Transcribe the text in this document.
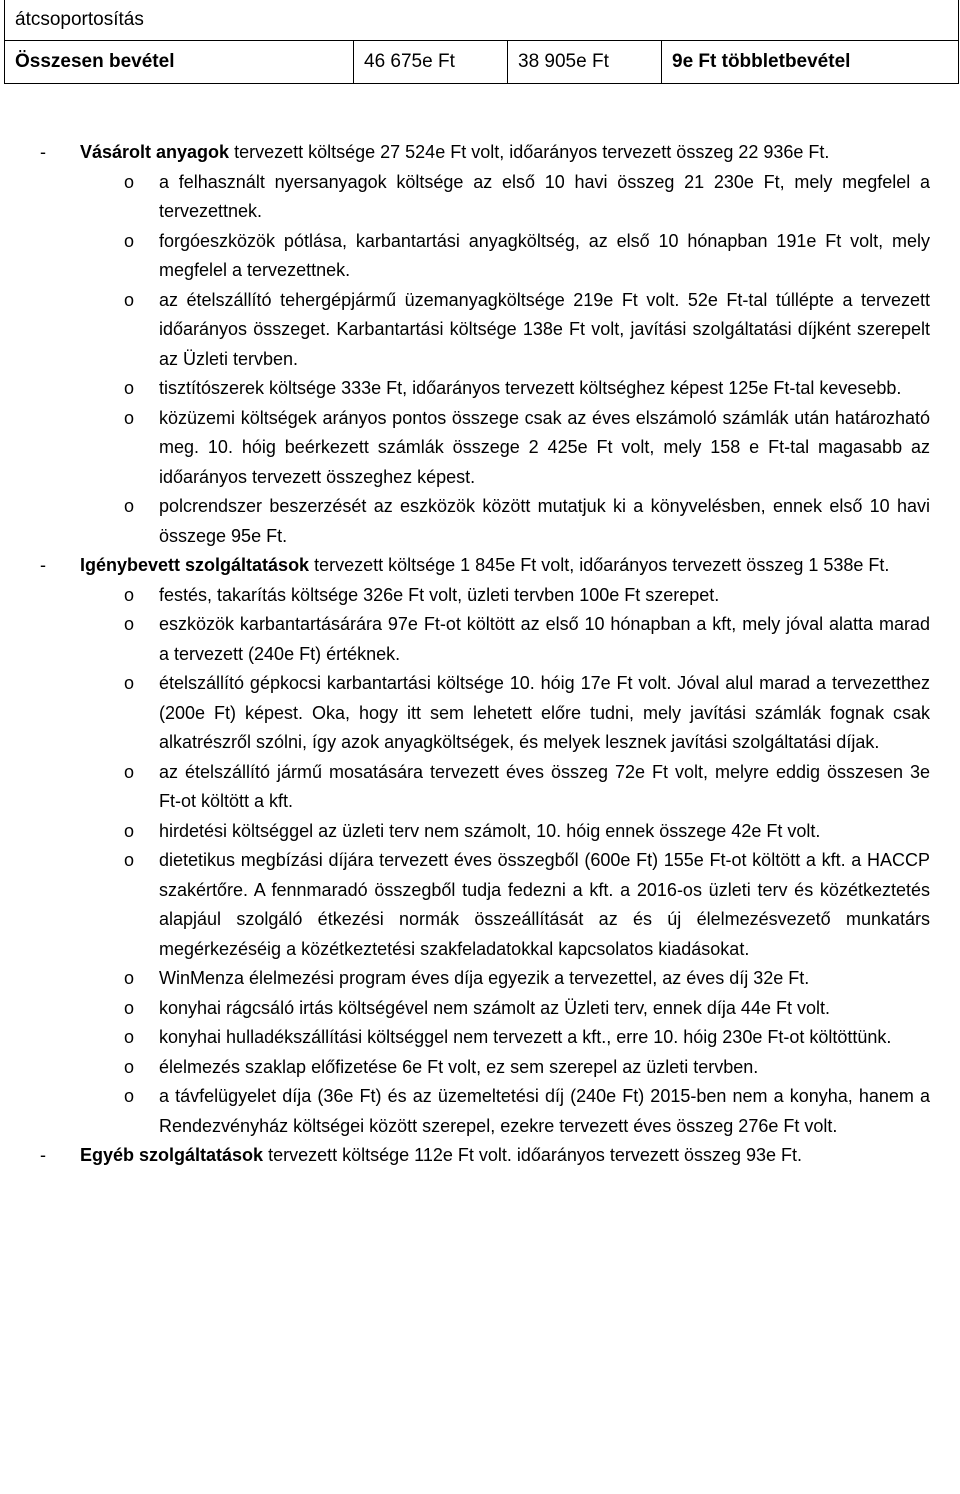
átcsoportosítás
Összesen bevétel	46 675e Ft	38 905e Ft	9e Ft többletbevétel
- Vásárolt anyagok tervezett költsége 27 524e Ft volt, időarányos tervezett összeg 22 936e Ft.
o a felhasznált nyersanyagok költsége az első 10 havi összeg 21 230e Ft, mely megfelel a tervezettnek.
o forgóeszközök pótlása, karbantartási anyagköltség, az első 10 hónapban 191e Ft volt, mely megfelel a tervezettnek.
o az ételszállító tehergépjármű üzemanyagköltsége 219e Ft volt. 52e Ft-tal túllépte a tervezett időarányos összeget. Karbantartási költsége 138e Ft volt, javítási szolgáltatási díjként szerepelt az Üzleti tervben.
o tisztítószerek költsége 333e Ft, időarányos tervezett költséghez képest 125e Ft-tal kevesebb.
o közüzemi költségek arányos pontos összege csak az éves elszámoló számlák után határozható meg. 10. hóig beérkezett számlák összege 2 425e Ft volt, mely 158 e Ft-tal magasabb az időarányos tervezett összeghez képest.
o polcrendszer beszerzését az eszközök között mutatjuk ki a könyvelésben, ennek első 10 havi összege 95e Ft.
- Igénybevett szolgáltatások tervezett költsége 1 845e Ft volt, időarányos tervezett összeg 1 538e Ft.
o festés, takarítás költsége 326e Ft volt, üzleti tervben 100e Ft szerepet.
o eszközök karbantartásárára 97e Ft-ot költött az első 10 hónapban a kft, mely jóval alatta marad a tervezett (240e Ft) értéknek.
o ételszállító gépkocsi karbantartási költsége 10. hóig 17e Ft volt. Jóval alul marad a tervezetthez (200e Ft) képest. Oka, hogy itt sem lehetett előre tudni, mely javítási számlák fognak csak alkatrészről szólni, így azok anyagköltségek, és melyek lesznek javítási szolgáltatási díjak.
o az ételszállító jármű mosatására tervezett éves összeg 72e Ft volt, melyre eddig összesen 3e Ft-ot költött a kft.
o hirdetési költséggel az üzleti terv nem számolt, 10. hóig ennek összege 42e Ft volt.
o dietetikus megbízási díjára tervezett éves összegből (600e Ft) 155e Ft-ot költött a kft. a HACCP szakértőre. A fennmaradó összegből tudja fedezni a kft. a 2016-os üzleti terv és közétkeztetés alapjául szolgáló étkezési normák összeállítását az és új élelmezésvezető munkatárs megérkezéséig a közétkeztetési szakfeladatokkal kapcsolatos kiadásokat.
o WinMenza élelmezési program éves díja egyezik a tervezettel, az éves díj 32e Ft.
o konyhai rágcsáló irtás költségével nem számolt az Üzleti terv, ennek díja 44e Ft volt.
o konyhai hulladékszállítási költséggel nem tervezett a kft., erre 10. hóig 230e Ft-ot költöttünk.
o élelmezés szaklap előfizetése 6e Ft volt, ez sem szerepel az üzleti tervben.
o a távfelügyelet díja (36e Ft) és az üzemeltetési díj (240e Ft) 2015-ben nem a konyha, hanem a Rendezvényház költségei között szerepel, ezekre tervezett éves összeg 276e Ft volt.
- Egyéb szolgáltatások tervezett költsége 112e Ft volt. időarányos tervezett összeg 93e Ft.
